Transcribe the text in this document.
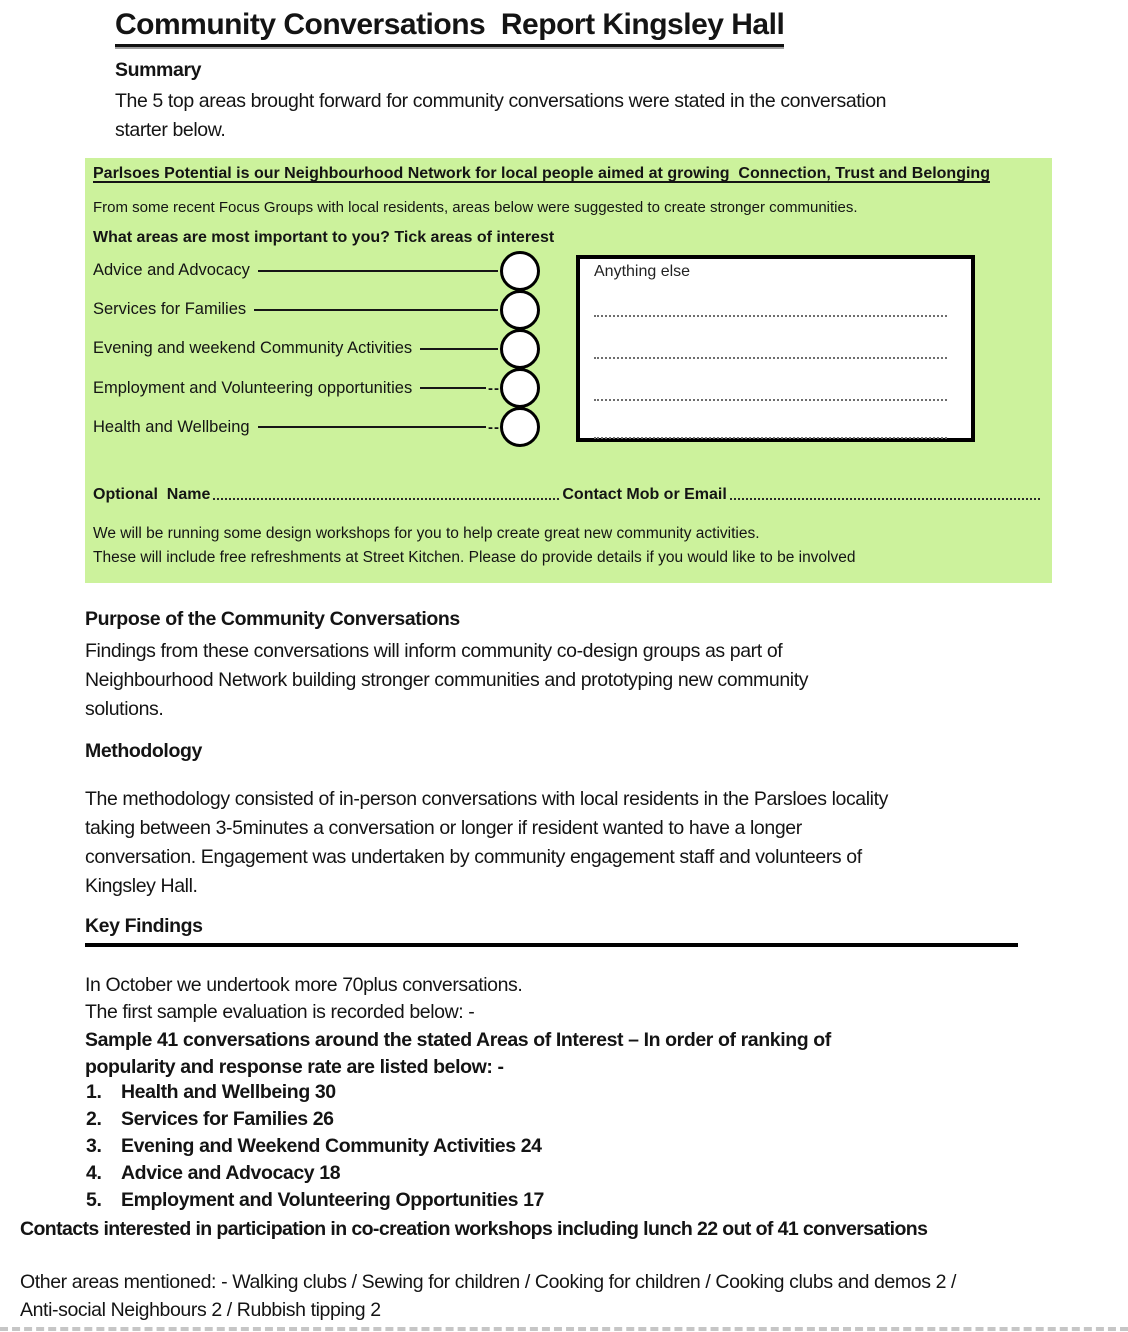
Community Conversations  Report Kingsley Hall
Summary
The 5 top areas brought forward for community conversations were stated in the conversation
starter below.
Parlsoes Potential is our Neighbourhood Network for local people aimed at growing  Connection, Trust and Belonging
From some recent Focus Groups with local residents, areas below were suggested to create stronger communities.
What areas are most important to you? Tick areas of interest
Advice and Advocacy
Services for Families
Evening and weekend Community Activities
Employment and Volunteering opportunities	--
Health and Wellbeing	--
Anything else
Optional  Name	Contact Mob or Email
We will be running some design workshops for you to help create great new community activities.
These will include free refreshments at Street Kitchen. Please do provide details if you would like to be involved
Purpose of the Community Conversations
Findings from these conversations will inform community co-design groups as part of
Neighbourhood Network building stronger communities and prototyping new community
solutions.
Methodology
The methodology consisted of in-person conversations with local residents in the Parsloes locality
taking between 3-5minutes a conversation or longer if resident wanted to have a longer
conversation. Engagement was undertaken by community engagement staff and volunteers of
Kingsley Hall.
Key Findings
In October we undertook more 70plus conversations.
The first sample evaluation is recorded below: -
Sample 41 conversations around the stated Areas of Interest – In order of ranking of
popularity and response rate are listed below: -
1.	Health and Wellbeing 30
2.	Services for Families 26
3.	Evening and Weekend Community Activities 24
4.	Advice and Advocacy 18
5.	Employment and Volunteering Opportunities 17
Contacts interested in participation in co-creation workshops including lunch 22 out of 41 conversations
Other areas mentioned: - Walking clubs / Sewing for children / Cooking for children / Cooking clubs and demos 2 /
Anti-social Neighbours 2 / Rubbish tipping 2
